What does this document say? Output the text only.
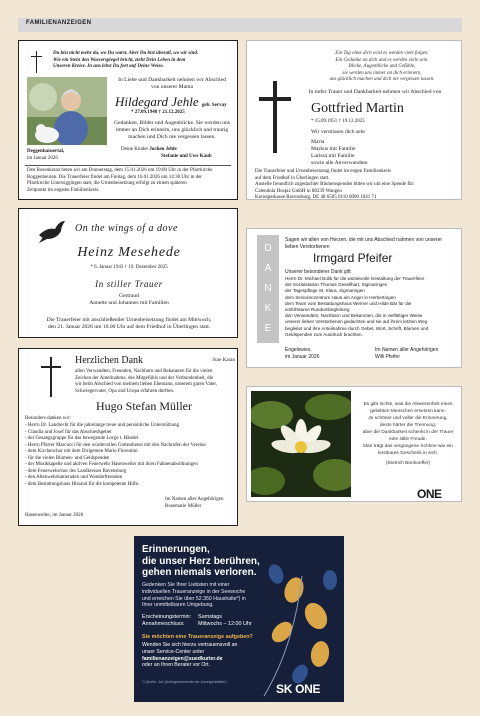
FAMILIENANZEIGEN
Du bist nicht mehr da, wo Du warst. Aber Du bist überall, wo wir sind.
Wie ein Stein den Wasserspiegel bricht, zieht Dein Leben in dem
Unseren Kreise. In uns lebst Du fort auf Deine Weise.
In Liebe und Dankbarkeit nehmen wir Abschied
von unserer Mama
Hildegard Jehle geb. Servay
* 27.09.1940 † 21.12.2025
Gedanken, Bilder und Augenblicke. Sie werden uns
immer an Dich erinnern, uns glücklich und traurig
machen und Dich nie vergessen lassen.
Deggenhausertal,
im Januar 2026
Deine Kinder Jochen Jehle
Stefanie und Uwe Kaub
Den Rosenkranz beten wir am Donnerstag, dem 15.01.2026 um 19:00 Uhr in der Pfarrkirche
Roggenbeuren. Die Trauerfeier findet am Freitag, dem 16.01.2026 um 14:30 Uhr in der
Pfarrkirche Untersiggingen statt, die Urnenbeisetzung erfolgt zu einem späteren
Zeitpunkt im engsten Familienkreis.
Ein Tag ohne dich wird es werden viele folgen.
Ein Gedanke an dich und es werden viele sein.
Blicke, Augenblicke und Gefühle,
sie werden uns immer an dich erinnern,
uns glücklich machen und dich nie vergessen lassen.
In tiefer Trauer und Dankbarkeit nehmen wir Abschied von
Gottfried Martin
* 15.09.1951 † 19.12.2025
Wir vermissen dich sehr
Maria
Markus mit Familie
Larissa mit Familie
sowie alle Anverwandten
Die Trauerfeier und Urnenbeisetzung findet im engen Familienkreis
auf dem Friedhof in Überlingen statt.
Anstelle freundlich zugedachter Blumenspenden bitten wir um eine Spende für:
Calendula Hospiz GmbH in 88239 Wangen
Kreissparkasse Ravensburg, DE 48 6505 0110 0000 1041 71
On the wings of a dove
Heinz Mesehede
* 6. Januar 1943 † 19. Dezember 2025
In stiller Trauer
Gertraud
Annette und Johannes mit Familien
Die Trauerfeier mit anschließender Urnenbeisetzung findet am Mittwoch,
den 21. Januar 2026 um 10.00 Uhr auf dem Friedhof in Überlingen statt.
D
A
N
K
E
Sagen wir allen von Herzen, die mit uns Abschied nahmen von unserer
lieben Verstorbenen
Irmgard Pfeifer
Unserer besonderer Dank gilt:
Herrn Dr. Michael Dulik für die würdevolle Gestaltung der Trauerfeier
der Sozialstation Thomas Gesellhart, Sigmaringen
der Tagespflege St. Klara, Sigmaringen
dem Seniorenzentrum Haus am Anger in Herbertingen
dem Team vom Bestattungshaus Werner und Hilde Bär für die
einfühlsame Rundumbegleitung
den Verwandten, Nachbarn und Bekannten, die in vielfältiger Weise
unserer lieben Verstorbenen gedachten und sie auf ihrem letzten Weg
begleitet und ihre Anteilnahme durch Gebet, Wort, Schrift, Blumen und
Geldspenden zum Ausdruck brachten.
Engelswies,
im Januar 2026
Im Namen aller Angehörigen
Willi Pfeifer
Herzlichen Dank	Sure Karan
allen Verwandten, Freunden, Nachbarn und Bekannten für die vielen
Zeichen der Anteilnahme, des Mitgefühls und der Verbundenheit, die
wir beim Abschied von meinem lieben Ehemann, unserem guten Vater,
Schwiegervater, Opa und Uropa erfahren durften.
Hugo Stefan Müller
Besonders danken wir:
- Herrn Dr. Landrecht für die jahrelange treue und persönliche Unterstützung
- Claudia und Josef für das Abschiedsgebet
- der Gesangsgruppe für das bewegende Lorgo t. Händel
- Herrn Pfarrer Marcucci für den würdevollen Gottesdienst mit den Nachrufen der Vereine
- dem Kirchenchor mit dem Dirigenten Mario Florentini
- für die vielen Blumen- und Geldspenden
- der Musikkapelle und aktiven Feuerwehr Hasenweiler mit ihren Fahnenabordnungen
- dem Feuerwehrchor des Landkreises Ravensburg
- den Altenwehrkameraden und Wanderfreunden
- dem Bestattungshaus Hirsand für die kompetente Hilfe.
Im Namen aller Angehörigen
Rosemarie Müller
Hasenweiler, im Januar 2026
Es gibt nichts, was die Abwesenheit eines
geliebten Menschen ersetzen kann.
Je schöner und voller die Erinnerung,
desto härter die Trennung,
aber die Dankbarkeit schenkt in der Trauer
eine stille Freude.
Man trägt das vergangene Schöne wie ein
kostbares Geschenk in sich.
(Dietrich Bonhoeffer)
ONE
Erinnerungen,
die unser Herz berühren,
gehen niemals verloren.
Gedenken Sie Ihrer Liebsten mit einer
individuellen Traueranzeige in der Seewoche
und erreichen Sie über 52.350 Haushalte*) in
Ihrer unmittelbaren Umgebung.
Erscheinungstermin: Samstags
Annahmeschluss: Mittwochs – 12:00 Uhr
Sie möchten eine Traueranzeige aufgeben?
Wenden Sie sich hierzu vertrauensvoll an
unser Service-Center unter
familienanzeigen@suedkurier.de
oder an Ihren Berater vor Ort.
*) Quelle: Jcb (Auflagenkontrolle der Anzeigenblätter)	SK ONE
